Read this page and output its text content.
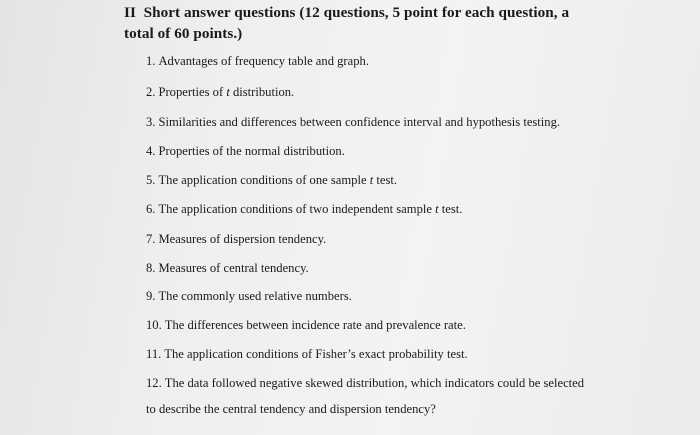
II  Short answer questions (12 questions, 5 point for each question, a
total of 60 points.)
1. Advantages of frequency table and graph.
2. Properties of t distribution.
3. Similarities and differences between confidence interval and hypothesis testing.
4. Properties of the normal distribution.
5. The application conditions of one sample t test.
6. The application conditions of two independent sample t test.
7. Measures of dispersion tendency.
8. Measures of central tendency.
9. The commonly used relative numbers.
10. The differences between incidence rate and prevalence rate.
11. The application conditions of Fisher’s exact probability test.
12. The data followed negative skewed distribution, which indicators could be selected
to describe the central tendency and dispersion tendency?
